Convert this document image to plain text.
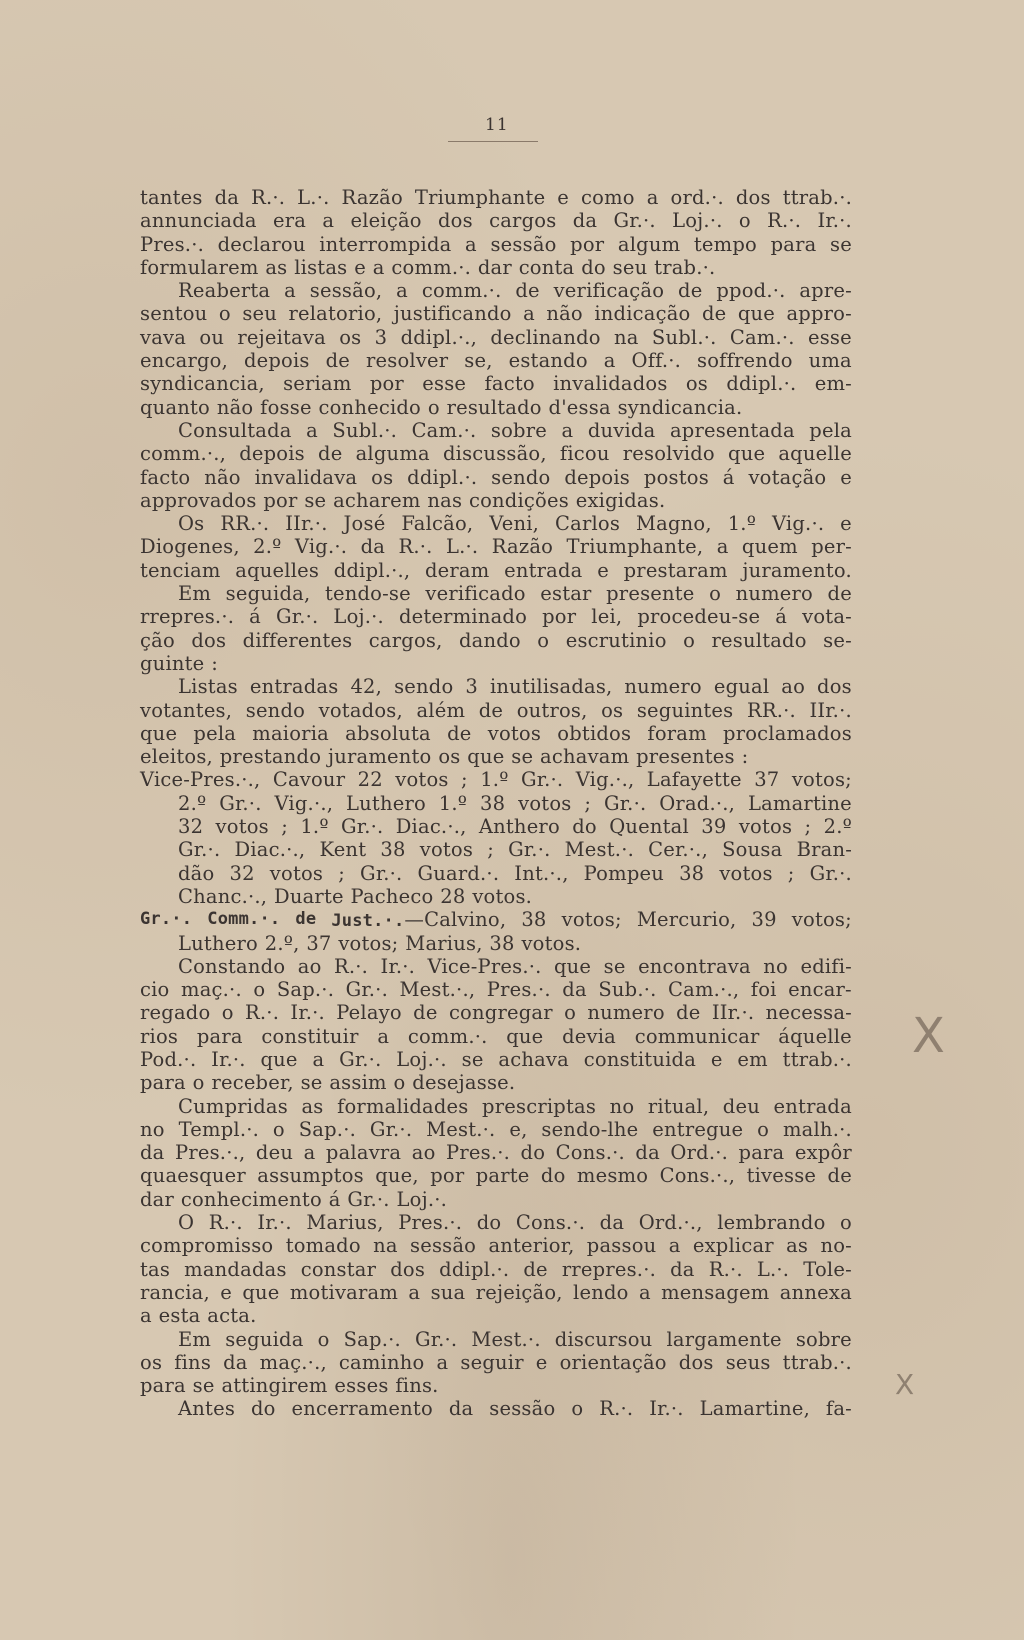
11
tantes da R.·. L.·. Razão Triumphante e como a ord.·. dos ttrab.·.
annunciada era a eleição dos cargos da Gr.·. Loj.·. o R.·. Ir.·.
Pres.·. declarou interrompida a sessão por algum tempo para se
formularem as listas e a comm.·. dar conta do seu trab.·.
Reaberta a sessão, a comm.·. de verificação de ppod.·. apre-
sentou o seu relatorio, justificando a não indicação de que appro-
vava ou rejeitava os 3 ddipl.·., declinando na Subl.·. Cam.·. esse
encargo, depois de resolver se, estando a Off.·. soffrendo uma
syndicancia, seriam por esse facto invalidados os ddipl.·. em-
quanto não fosse conhecido o resultado d'essa syndicancia.
Consultada a Subl.·. Cam.·. sobre a duvida apresentada pela
comm.·., depois de alguma discussão, ficou resolvido que aquelle
facto não invalidava os ddipl.·. sendo depois postos á votação e
approvados por se acharem nas condições exigidas.
Os RR.·. IIr.·. José Falcão, Veni, Carlos Magno, 1.º Vig.·. e
Diogenes, 2.º Vig.·. da R.·. L.·. Razão Triumphante, a quem per-
tenciam aquelles ddipl.·., deram entrada e prestaram juramento.
Em seguida, tendo-se verificado estar presente o numero de
rrepres.·. á Gr.·. Loj.·. determinado por lei, procedeu-se á vota-
ção dos differentes cargos, dando o escrutinio o resultado se-
guinte :
Listas entradas 42, sendo 3 inutilisadas, numero egual ao dos
votantes, sendo votados, além de outros, os seguintes RR.·. IIr.·.
que pela maioria absoluta de votos obtidos foram proclamados
eleitos, prestando juramento os que se achavam presentes :
Vice-Pres.·., Cavour 22 votos ; 1.º Gr.·. Vig.·., Lafayette 37 votos;
2.º Gr.·. Vig.·., Luthero 1.º 38 votos ; Gr.·. Orad.·., Lamartine
32 votos ; 1.º Gr.·. Diac.·., Anthero do Quental 39 votos ; 2.º
Gr.·. Diac.·., Kent 38 votos ; Gr.·. Mest.·. Cer.·., Sousa Bran-
dão 32 votos ; Gr.·. Guard.·. Int.·., Pompeu 38 votos ; Gr.·.
Chanc.·., Duarte Pacheco 28 votos.
Gr.·. Comm.·. de Just.·.—Calvino, 38 votos; Mercurio, 39 votos;
Luthero 2.º, 37 votos; Marius, 38 votos.
Constando ao R.·. Ir.·. Vice-Pres.·. que se encontrava no edifi-
cio maç.·. o Sap.·. Gr.·. Mest.·., Pres.·. da Sub.·. Cam.·., foi encar-
regado o R.·. Ir.·. Pelayo de congregar o numero de IIr.·. necessa-
rios para constituir a comm.·. que devia communicar áquelle
Pod.·. Ir.·. que a Gr.·. Loj.·. se achava constituida e em ttrab.·.
para o receber, se assim o desejasse.
Cumpridas as formalidades prescriptas no ritual, deu entrada
no Templ.·. o Sap.·. Gr.·. Mest.·. e, sendo-lhe entregue o malh.·.
da Pres.·., deu a palavra ao Pres.·. do Cons.·. da Ord.·. para expôr
quaesquer assumptos que, por parte do mesmo Cons.·., tivesse de
dar conhecimento á Gr.·. Loj.·.
O R.·. Ir.·. Marius, Pres.·. do Cons.·. da Ord.·., lembrando o
compromisso tomado na sessão anterior, passou a explicar as no-
tas mandadas constar dos ddipl.·. de rrepres.·. da R.·. L.·. Tole-
rancia, e que motivaram a sua rejeição, lendo a mensagem annexa
a esta acta.
Em seguida o Sap.·. Gr.·. Mest.·. discursou largamente sobre
os fins da maç.·., caminho a seguir e orientação dos seus ttrab.·.
para se attingirem esses fins.
Antes do encerramento da sessão o R.·. Ir.·. Lamartine, fa-
X
X
